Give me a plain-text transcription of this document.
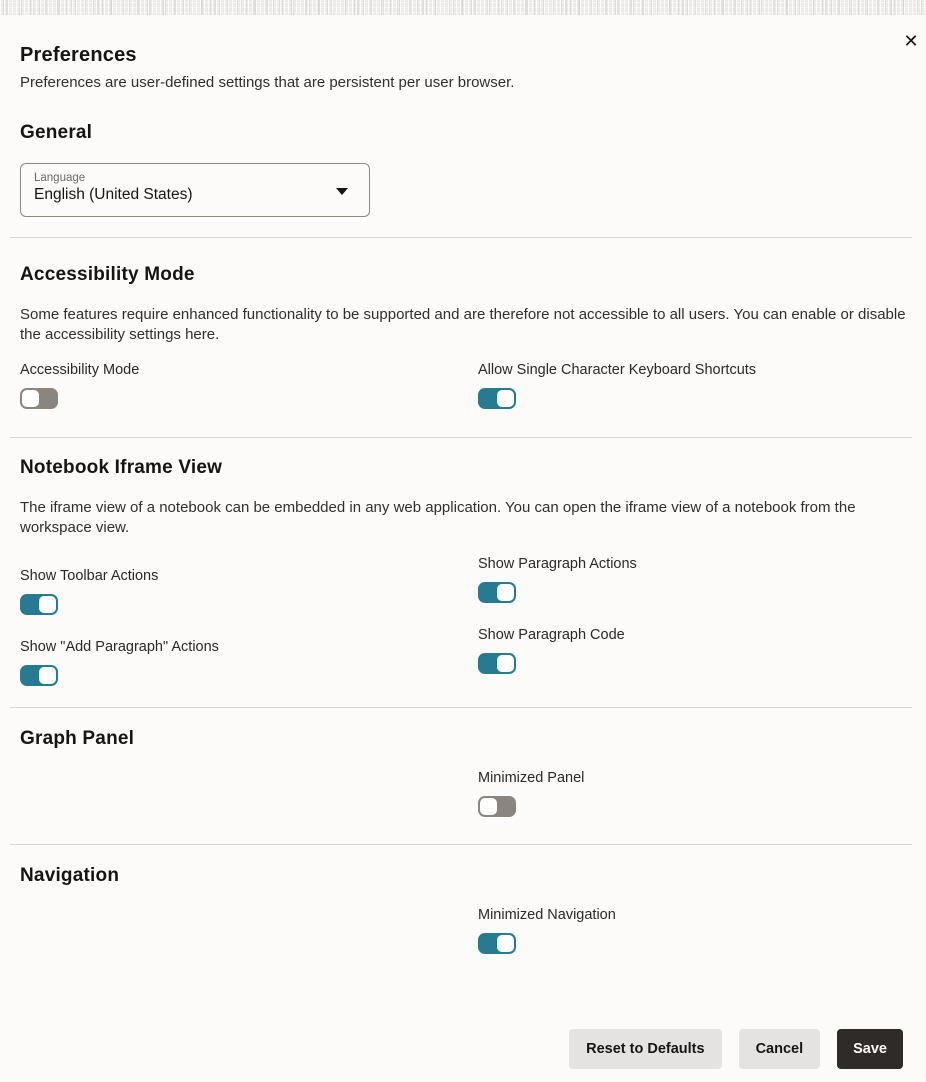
✕
Preferences

Preferences are user-defined settings that are persistent per user browser.

General
Language
English (United States)
Accessibility Mode

Some features require enhanced functionality to be supported and are therefore not accessible to all users. You can enable or disable the accessibility settings here.

Accessibility Mode	Allow Single Character Keyboard Shortcuts
Notebook Iframe View

The iframe view of a notebook can be embedded in any web application. You can open the iframe view of a notebook from the workspace view.

Show Toolbar Actions
Show "Add Paragraph" Actions
Show Paragraph Actions
Show Paragraph Code
Graph Panel
Minimized Panel
Navigation
Minimized Navigation
Reset to Defaults	Cancel	Save
